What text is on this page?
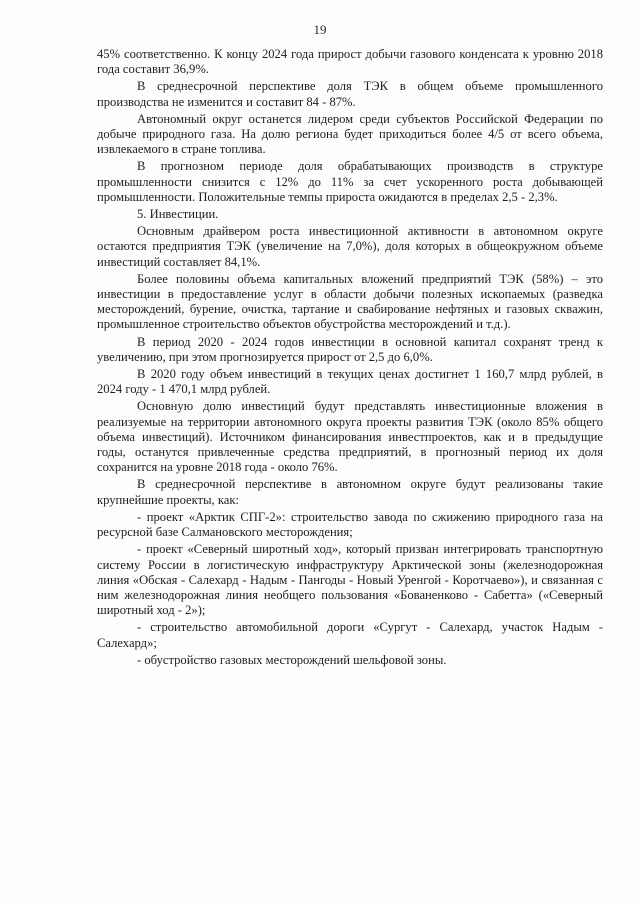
19

45% соответственно. К концу 2024 года прирост добычи газового конденсата к уровню 2018 года составит 36,9%.

В среднесрочной перспективе доля ТЭК в общем объеме промышленного производства не изменится и составит 84 - 87%.

Автономный округ останется лидером среди субъектов Российской Федерации по добыче природного газа. На долю региона будет приходиться более 4/5 от всего объема, извлекаемого в стране топлива.

В прогнозном периоде доля обрабатывающих производств в структуре промышленности снизится с 12% до 11% за счет ускоренного роста добывающей промышленности. Положительные темпы прироста ожидаются в пределах 2,5 - 2,3%.

5. Инвестиции.

Основным драйвером роста инвестиционной активности в автономном округе остаются предприятия ТЭК (увеличение на 7,0%), доля которых в общеокружном объеме инвестиций составляет 84,1%.

Более половины объема капитальных вложений предприятий ТЭК (58%) – это инвестиции в предоставление услуг в области добычи полезных ископаемых (разведка месторождений, бурение, очистка, тартание и свабирование нефтяных и газовых скважин, промышленное строительство объектов обустройства месторождений и т.д.).

В период 2020 - 2024 годов инвестиции в основной капитал сохранят тренд к увеличению, при этом прогнозируется прирост от 2,5 до 6,0%.

В 2020 году объем инвестиций в текущих ценах достигнет 1 160,7 млрд рублей, в 2024 году - 1 470,1 млрд рублей.

Основную долю инвестиций будут представлять инвестиционные вложения в реализуемые на территории автономного округа проекты развития ТЭК (около 85% общего объема инвестиций). Источником финансирования инвестпроектов, как и в предыдущие годы, останутся привлеченные средства предприятий, в прогнозный период их доля сохранится на уровне 2018 года - около 76%.

В среднесрочной перспективе в автономном округе будут реализованы такие крупнейшие проекты, как:

- проект «Арктик СПГ-2»: строительство завода по сжижению природного газа на ресурсной базе Салмановского месторождения;

- проект «Северный широтный ход», который призван интегрировать транспортную систему России в логистическую инфраструктуру Арктической зоны (железнодорожная линия «Обская - Салехард - Надым - Пангоды - Новый Уренгой - Коротчаево»), и связанная с ним железнодорожная линия необщего пользования «Бованенково - Сабетта» («Северный широтный ход - 2»);

- строительство автомобильной дороги «Сургут - Салехард, участок Надым - Салехард»;

- обустройство газовых месторождений шельфовой зоны.
